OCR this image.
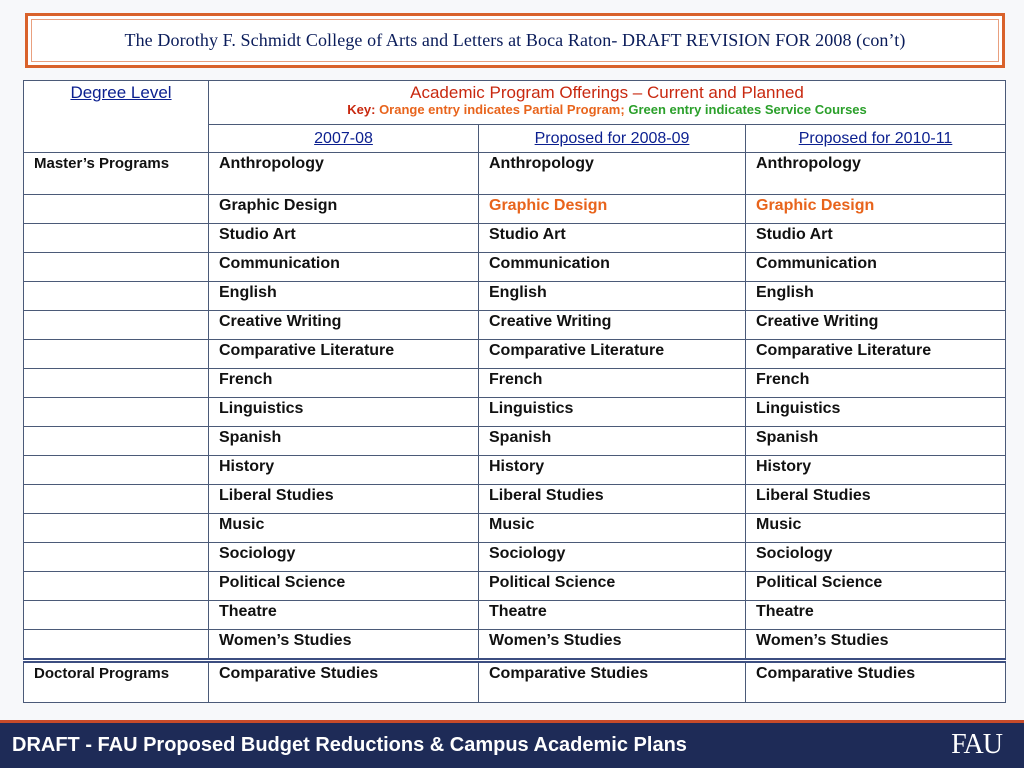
The Dorothy F. Schmidt College of Arts and Letters at Boca Raton- DRAFT REVISION FOR 2008 (con’t)
Degree Level	Academic Program Offerings – Current and Planned
Key: Orange entry indicates Partial Program; Green entry indicates Service Courses		

	2007-08	Proposed for 2008-09	Proposed for 2010-11
Master’s Programs	Anthropology	Anthropology	Anthropology
	Graphic Design	Graphic Design	Graphic Design
	Studio Art	Studio Art	Studio Art
	Communication	Communication	Communication
	English	English	English
	Creative Writing	Creative Writing	Creative Writing
	Comparative Literature	Comparative Literature	Comparative Literature
	French	French	French
	Linguistics	Linguistics	Linguistics
	Spanish	Spanish	Spanish
	History	History	History
	Liberal Studies	Liberal Studies	Liberal Studies
	Music	Music	Music
	Sociology	Sociology	Sociology
	Political Science	Political Science	Political Science
	Theatre	Theatre	Theatre
	Women’s Studies	Women’s Studies	Women’s Studies
Doctoral Programs	Comparative Studies	Comparative Studies	Comparative Studies
DRAFT - FAU Proposed Budget Reductions & Campus Academic Plans	FAU
